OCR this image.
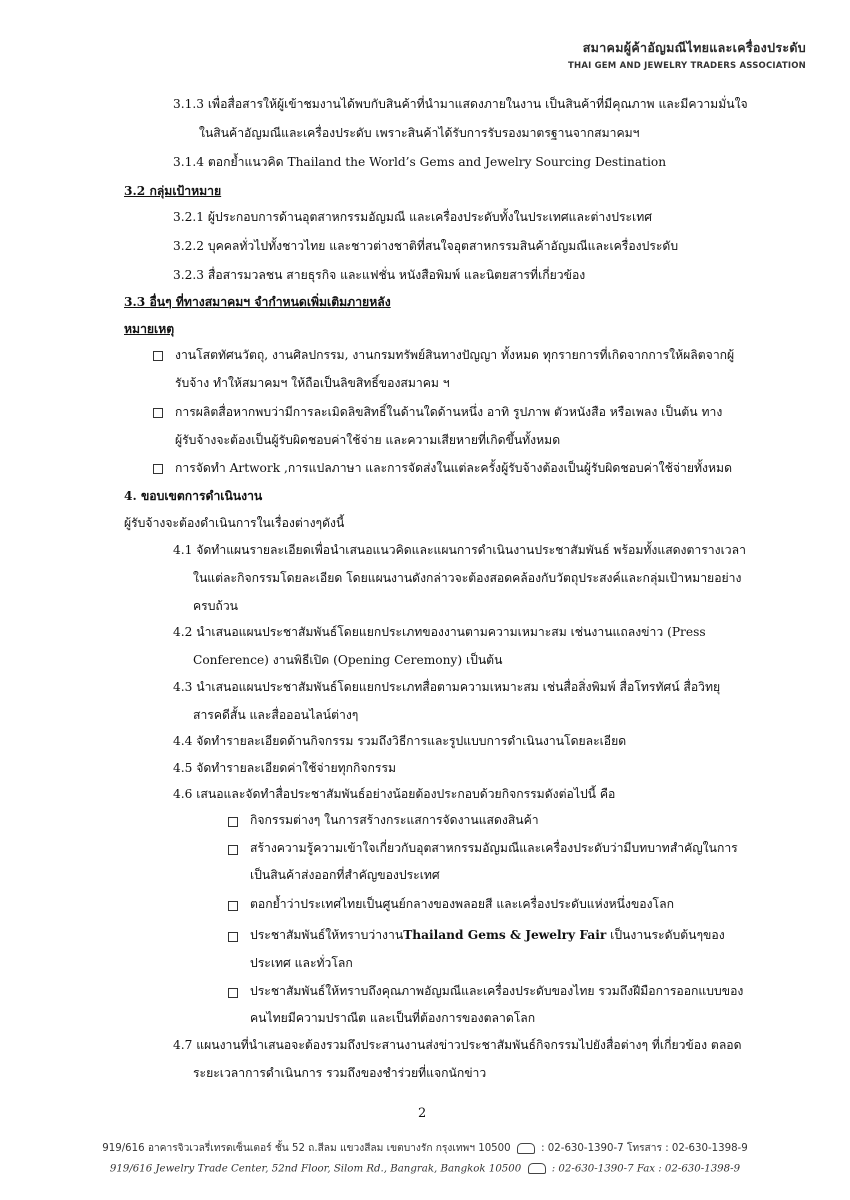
สมาคมผู้ค้าอัญมณีไทยและเครื่องประดับ
THAI GEM AND JEWELRY TRADERS ASSOCIATION
3.1.3 เพื่อสื่อสารให้ผู้เข้าชมงานได้พบกับสินค้าที่นำมาแสดงภายในงาน เป็นสินค้าที่มีคุณภาพ และมีความมั่นใจ
ในสินค้าอัญมณีและเครื่องประดับ เพราะสินค้าได้รับการรับรองมาตรฐานจากสมาคมฯ
3.1.4 ตอกย้ำแนวคิด Thailand the World’s Gems and Jewelry Sourcing Destination
3.2 กลุ่มเป้าหมาย
3.2.1 ผู้ประกอบการด้านอุตสาหกรรมอัญมณี และเครื่องประดับทั้งในประเทศและต่างประเทศ
3.2.2 บุคคลทั่วไปทั้งชาวไทย และชาวต่างชาติที่สนใจอุตสาหกรรมสินค้าอัญมณีและเครื่องประดับ
3.2.3 สื่อสารมวลชน สายธุรกิจ และแฟชั่น หนังสือพิมพ์ และนิตยสารที่เกี่ยวข้อง
3.3 อื่นๆ ที่ทางสมาคมฯ จำกำหนดเพิ่มเติมภายหลัง
หมายเหตุ
งานโสตทัศนวัตถุ, งานศิลปกรรม, งานกรมทรัพย์สินทางปัญญา ทั้งหมด ทุกรายการที่เกิดจากการให้ผลิตจากผู้
รับจ้าง ทำให้สมาคมฯ ให้ถือเป็นลิขสิทธิ์ของสมาคม ฯ
การผลิตสื่อหากพบว่ามีการละเมิดลิขสิทธิ์ในด้านใดด้านหนึ่ง อาทิ รูปภาพ ตัวหนังสือ หรือเพลง เป็นต้น ทาง
ผู้รับจ้างจะต้องเป็นผู้รับผิดชอบค่าใช้จ่าย และความเสียหายที่เกิดขึ้นทั้งหมด
การจัดทำ Artwork ,การแปลภาษา และการจัดส่งในแต่ละครั้งผู้รับจ้างต้องเป็นผู้รับผิดชอบค่าใช้จ่ายทั้งหมด
4. ขอบเขตการดำเนินงาน
ผู้รับจ้างจะต้องดำเนินการในเรื่องต่างๆดังนี้
4.1 จัดทำแผนรายละเอียดเพื่อนำเสนอแนวคิดและแผนการดำเนินงานประชาสัมพันธ์ พร้อมทั้งแสดงตารางเวลา
ในแต่ละกิจกรรมโดยละเอียด โดยแผนงานดังกล่าวจะต้องสอดคล้องกับวัตถุประสงค์และกลุ่มเป้าหมายอย่าง
ครบถ้วน
4.2 นำเสนอแผนประชาสัมพันธ์โดยแยกประเภทของงานตามความเหมาะสม เช่นงานแถลงข่าว (Press
Conference) งานพิธีเปิด (Opening Ceremony) เป็นต้น
4.3 นำเสนอแผนประชาสัมพันธ์โดยแยกประเภทสื่อตามความเหมาะสม เช่นสื่อสิ่งพิมพ์ สื่อโทรทัศน์ สื่อวิทยุ
สารคดีสั้น และสื่อออนไลน์ต่างๆ
4.4 จัดทำรายละเอียดด้านกิจกรรม รวมถึงวิธีการและรูปแบบการดำเนินงานโดยละเอียด
4.5 จัดทำรายละเอียดค่าใช้จ่ายทุกกิจกรรม
4.6 เสนอและจัดทำสื่อประชาสัมพันธ์อย่างน้อยต้องประกอบด้วยกิจกรรมดังต่อไปนี้ คือ
กิจกรรมต่างๆ ในการสร้างกระแสการจัดงานแสดงสินค้า
สร้างความรู้ความเข้าใจเกี่ยวกับอุตสาหกรรมอัญมณีและเครื่องประดับว่ามีบทบาทสำคัญในการ
เป็นสินค้าส่งออกที่สำคัญของประเทศ
ตอกย้ำว่าประเทศไทยเป็นศูนย์กลางของพลอยสี และเครื่องประดับแห่งหนึ่งของโลก
ประชาสัมพันธ์ให้ทราบว่างานThailand Gems & Jewelry Fair เป็นงานระดับต้นๆของ
ประเทศ และทั่วโลก
ประชาสัมพันธ์ให้ทราบถึงคุณภาพอัญมณีและเครื่องประดับของไทย รวมถึงฝีมือการออกแบบของ
คนไทยมีความปราณีต และเป็นที่ต้องการของตลาดโลก
4.7 แผนงานที่นำเสนอจะต้องรวมถึงประสานงานส่งข่าวประชาสัมพันธ์กิจกรรมไปยังสื่อต่างๆ ที่เกี่ยวข้อง ตลอด
ระยะเวลาการดำเนินการ รวมถึงของชำร่วยที่แจกนักข่าว
2
919/616 อาคารจิวเวลรี่เทรดเซ็นเตอร์ ชั้น 52 ถ.สีลม แขวงสีลม เขตบางรัก กรุงเทพฯ 10500	: 02-630-1390-7 โทรสาร : 02-630-1398-9
919/616 Jewelry Trade Center, 52nd Floor, Silom Rd., Bangrak, Bangkok 10500	: 02-630-1390-7 Fax : 02-630-1398-9
